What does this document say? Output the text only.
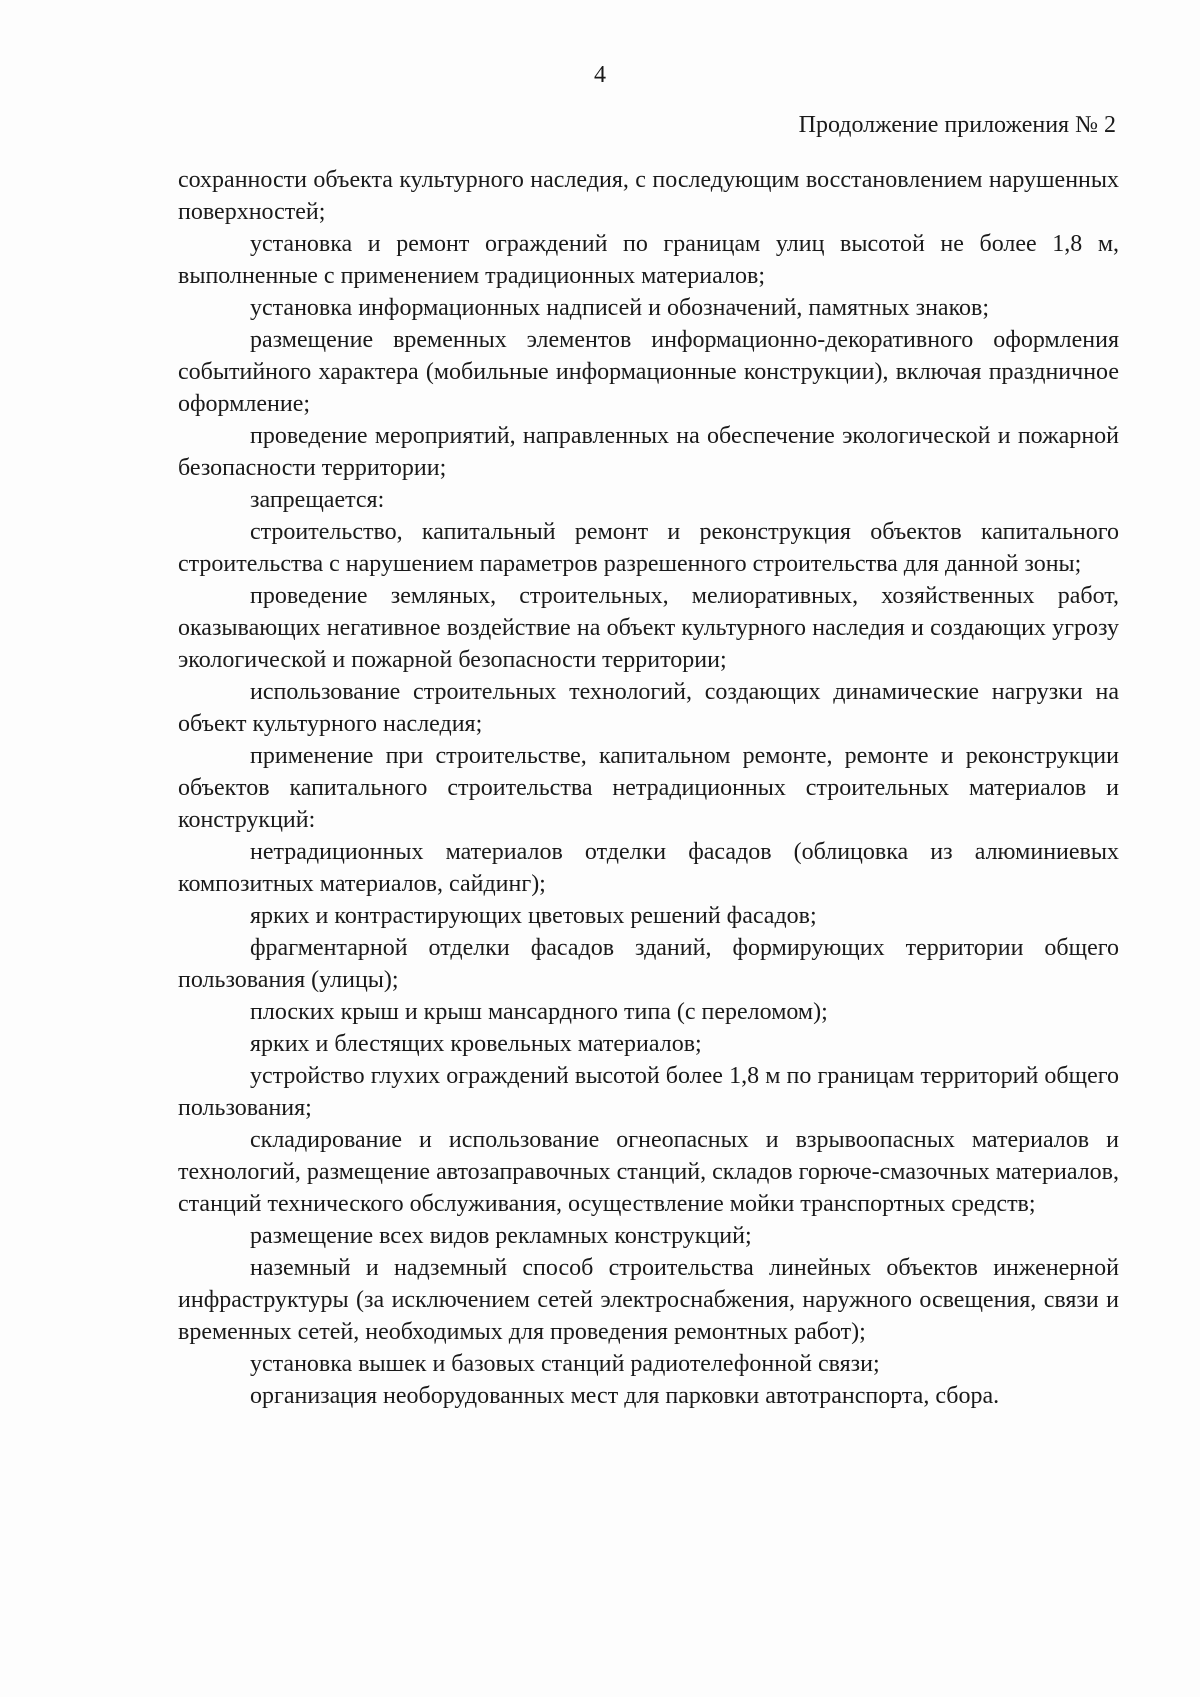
4
Продолжение приложения № 2

сохранности объекта культурного наследия, с последующим восстановлением нарушенных поверхностей;

установка и ремонт ограждений по границам улиц высотой не более 1,8 м, выполненные с применением традиционных материалов;

установка информационных надписей и обозначений, памятных знаков;

размещение временных элементов информационно-декоративного оформления событийного характера (мобильные информационные конструкции), включая праздничное оформление;

проведение мероприятий, направленных на обеспечение экологической и пожарной безопасности территории;

запрещается:

строительство, капитальный ремонт и реконструкция объектов капитального строительства с нарушением параметров разрешенного строительства для данной зоны;

проведение земляных, строительных, мелиоративных, хозяйственных работ, оказывающих негативное воздействие на объект культурного наследия и создающих угрозу экологической и пожарной безопасности территории;

использование строительных технологий, создающих динамические нагрузки на объект культурного наследия;

применение при строительстве, капитальном ремонте, ремонте и реконструкции объектов капитального строительства нетрадиционных строительных материалов и конструкций:

нетрадиционных материалов отделки фасадов (облицовка из алюминиевых композитных материалов, сайдинг);

ярких и контрастирующих цветовых решений фасадов;

фрагментарной отделки фасадов зданий, формирующих территории общего пользования (улицы);

плоских крыш и крыш мансардного типа (с переломом);

ярких и блестящих кровельных материалов;

устройство глухих ограждений высотой более 1,8 м по границам территорий общего пользования;

складирование и использование огнеопасных и взрывоопасных материалов и технологий, размещение автозаправочных станций, складов горюче-смазочных материалов, станций технического обслуживания, осуществление мойки транспортных средств;

размещение всех видов рекламных конструкций;

наземный и надземный способ строительства линейных объектов инженерной инфраструктуры (за исключением сетей электроснабжения, наружного освещения, связи и временных сетей, необходимых для проведения ремонтных работ);

установка вышек и базовых станций радиотелефонной связи;

организация необорудованных мест для парковки автотранспорта, сбора.
